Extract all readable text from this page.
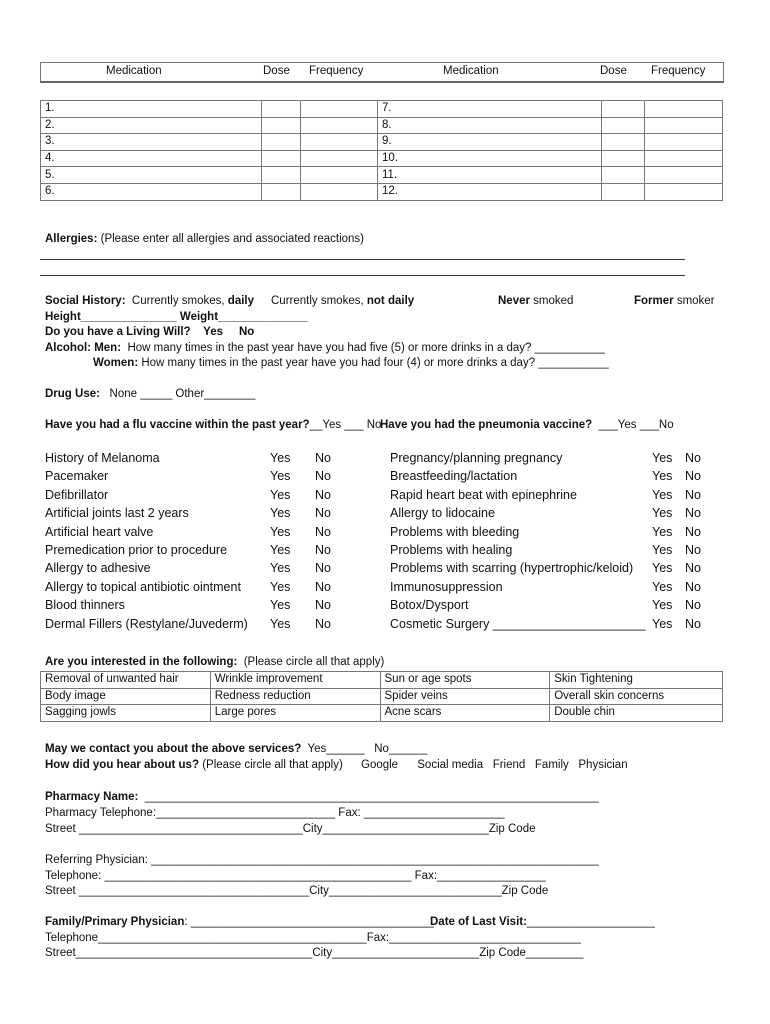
Medication	Dose Frequency	Medication	Dose Frequency
1.			7.		
2.			8.		
3.			9.		
4.			10.		
5.			11.		
6.			12.		
Allergies: (Please enter all allergies and associated reactions)
Social History: Currently smokes, daily Currently smokes, not daily	Never smoked	Former smoker
Height_______________ Weight______________
Do you have a Living Will? Yes No
Alcohol: Men: How many times in the past year have you had five (5) or more drinks in a day? ___________
Women: How many times in the past year have you had four (4) or more drinks a day? ___________
Drug Use: None _____ Other________
Have you had a flu vaccine within the past year?__Yes ___ No
Have you had the pneumonia vaccine? ___Yes ___No
History of Melanoma	Yes No	Pregnancy/planning pregnancy	Yes No
Pacemaker	Yes No	Breastfeeding/lactation	Yes No
Defibrillator	Yes No	Rapid heart beat with epinephrine	Yes No
Artificial joints last 2 years	Yes No	Allergy to lidocaine	Yes No
Artificial heart valve	Yes No	Problems with bleeding	Yes No
Premedication prior to procedure	Yes No	Problems with healing	Yes No
Allergy to adhesive	Yes No	Problems with scarring (hypertrophic/keloid) Yes No
Allergy to topical antibiotic ointment Yes No	Immunosuppression	Yes No
Blood thinners	Yes No	Botox/Dysport	Yes No
Dermal Fillers (Restylane/Juvederm) Yes No	Cosmetic Surgery ______________________ Yes No
Are you interested in the following: (Please circle all that apply)
Removal of unwanted hair	Wrinkle improvement	Sun or age spots	Skin Tightening
Body image	Redness reduction	Spider veins	Overall skin concerns
Sagging jowls	Large pores	Acne scars	Double chin
May we contact you about the above services? Yes______   No______
How did you hear about us? (Please circle all that apply) Google Social media Friend Family Physician
Pharmacy Name: _______________________________________________________________________
Pharmacy Telephone:____________________________ Fax: ______________________
Street ___________________________________City__________________________Zip Code
Referring Physician: ______________________________________________________________________
Telephone: ________________________________________________ Fax:_________________
Street ____________________________________City___________________________Zip Code
Family/Primary Physician: ______________________________________
Date of Last Visit:____________________
Telephone__________________________________________Fax:______________________________
Street_____________________________________City_______________________Zip Code_________
